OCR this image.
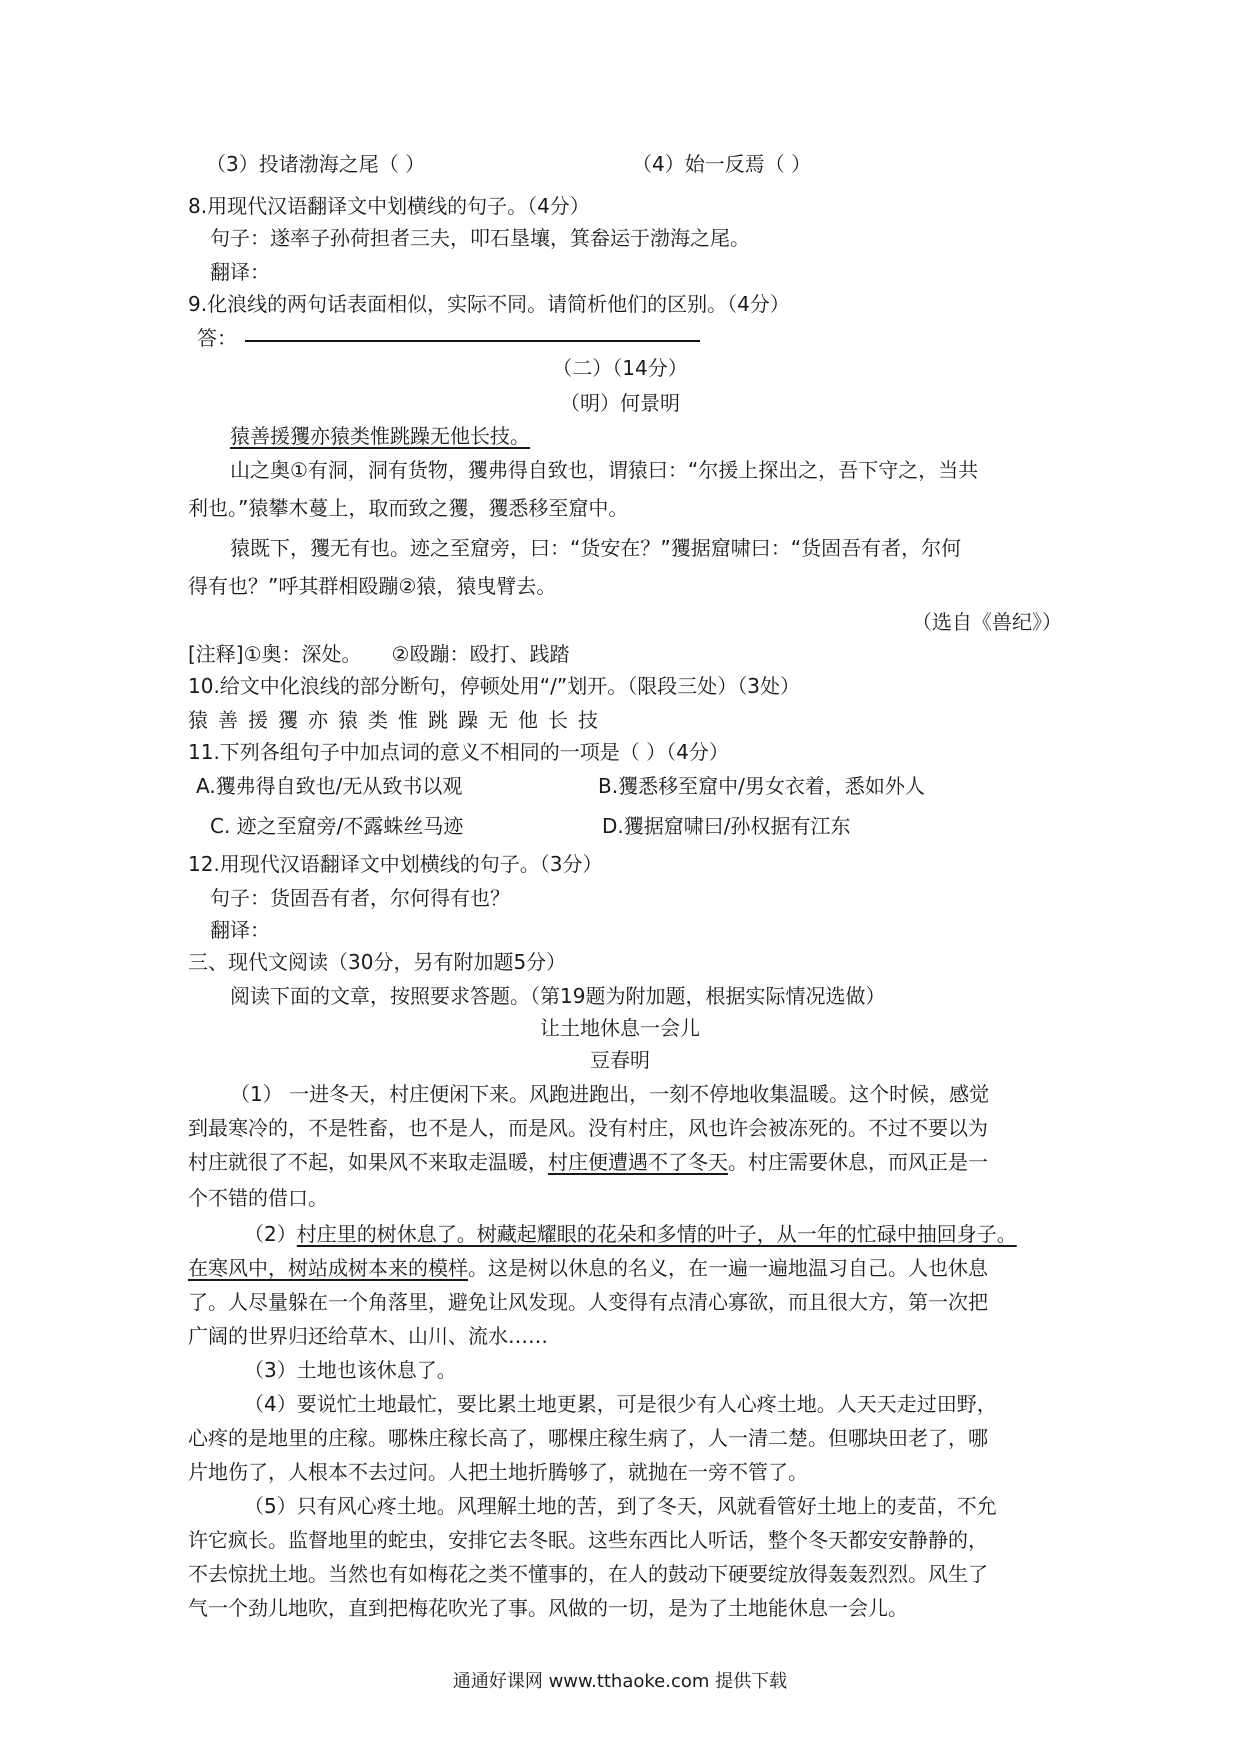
（3）投诸渤海之尾（ ）	（4）始一反焉（ ）
8.用现代汉语翻译文中划横线的句子。（4分）
句子：遂率子孙荷担者三夫，叩石垦壤，箕畚运于渤海之尾。
翻译：
9.化浪线的两句话表面相似，实际不同。请简析他们的区别。（4分）
答：
（二）（14分）
（明）何景明
猿善援玃亦猿类惟跳躁无他长技。
山之奥①有洞，洞有货物，玃弗得自致也，谓猿曰：“尔援上探出之，吾下守之，当共
利也。”猿攀木蔓上，取而致之玃，玃悉移至窟中。
猿既下，玃无有也。迹之至窟旁，曰：“货安在？”玃据窟啸曰：“货固吾有者，尔何
得有也？”呼其群相殴蹦②猿，猿曳臂去。
（选自《兽纪》）
[注释]①奥：深处。　　②殴蹦：殴打、践踏
10.给文中化浪线的部分断句，停顿处用“/”划开。（限段三处）（3处）
猿善援玃亦猿类惟跳躁无他长技
11.下列各组句子中加点词的意义不相同的一项是（ ）（4分）
A.玃弗得自致也/无从致书以观	B.玃悉移至窟中/男女衣着，悉如外人
C. 迹之至窟旁/不露蛛丝马迹	D.玃据窟啸曰/孙权据有江东
12.用现代汉语翻译文中划横线的句子。（3分）
句子：货固吾有者，尔何得有也？
翻译：
三、现代文阅读（30分，另有附加题5分）
阅读下面的文章，按照要求答题。（第19题为附加题，根据实际情况选做）
让土地休息一会儿
豆春明
（1） 一进冬天，村庄便闲下来。风跑进跑出，一刻不停地收集温暖。这个时候，感觉
到最寒冷的，不是牲畜，也不是人，而是风。没有村庄，风也许会被冻死的。不过不要以为
村庄就很了不起，如果风不来取走温暖，村庄便遭遇不了冬天。村庄需要休息，而风正是一
个不错的借口。
（2）村庄里的树休息了。树藏起耀眼的花朵和多情的叶子，从一年的忙碌中抽回身子。
在寒风中，树站成树本来的模样。这是树以休息的名义，在一遍一遍地温习自己。人也休息
了。人尽量躲在一个角落里，避免让风发现。人变得有点清心寡欲，而且很大方，第一次把
广阔的世界归还给草木、山川、流水……
（3）土地也该休息了。
（4）要说忙土地最忙，要比累土地更累，可是很少有人心疼土地。人天天走过田野，
心疼的是地里的庄稼。哪株庄稼长高了，哪棵庄稼生病了，人一清二楚。但哪块田老了，哪
片地伤了，人根本不去过问。人把土地折腾够了，就抛在一旁不管了。
（5）只有风心疼土地。风理解土地的苦，到了冬天，风就看管好土地上的麦苗，不允
许它疯长。监督地里的蛇虫，安排它去冬眠。这些东西比人听话，整个冬天都安安静静的，
不去惊扰土地。当然也有如梅花之类不懂事的，在人的鼓动下硬要绽放得轰轰烈烈。风生了
气一个劲儿地吹，直到把梅花吹光了事。风做的一切，是为了土地能休息一会儿。
通通好课网 www.tthaoke.com 提供下载
